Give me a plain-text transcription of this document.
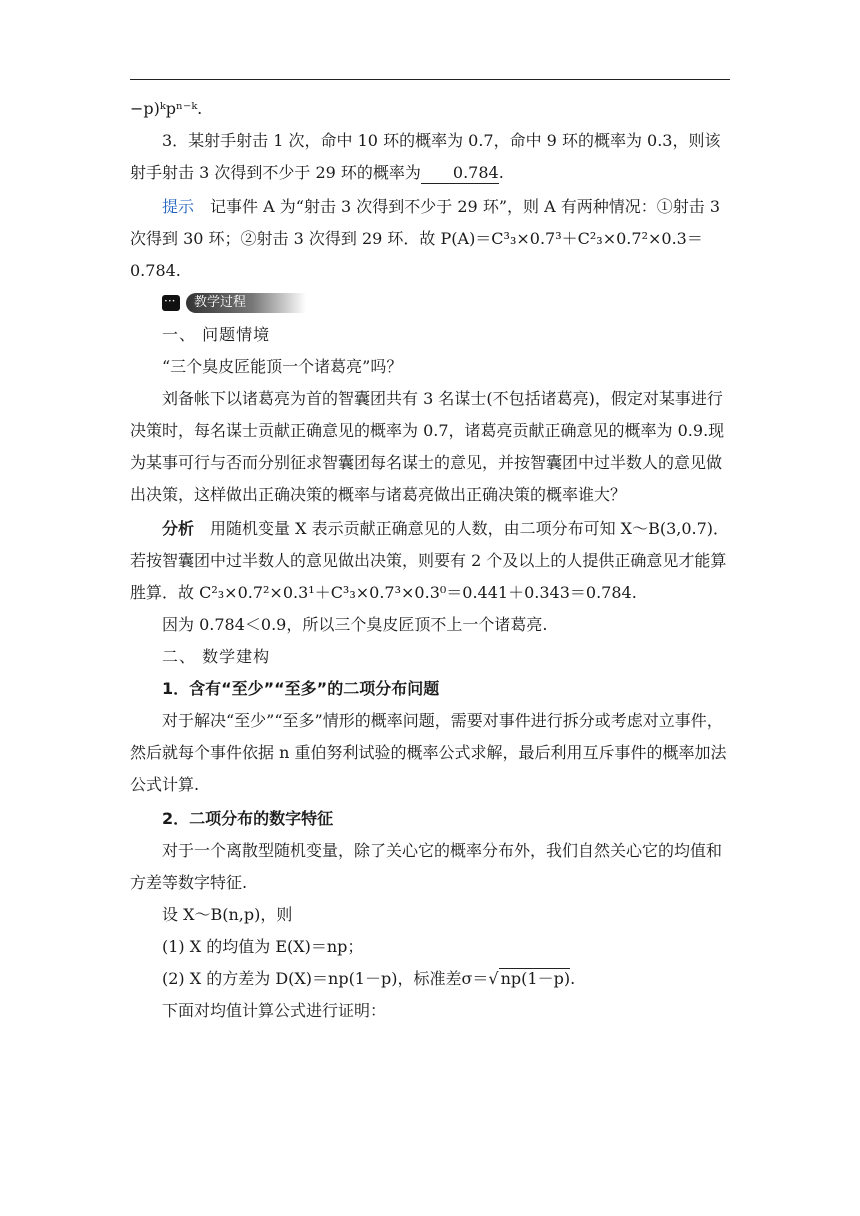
−p)ᵏpⁿ⁻ᵏ.

3．某射手射击 1 次，命中 10 环的概率为 0.7，命中 9 环的概率为 0.3，则该射手射击 3 次得到不少于 29 环的概率为 0.784.

提示　 记事件 A 为“射击 3 次得到不少于 29 环”，则 A 有两种情况：①射击 3 次得到 30 环；②射击 3 次得到 29 环．故 P(A)＝C³₃×0.7³＋C²₃×0.7²×0.3＝0.784.

···
教学过程

一、 问题情境

“三个臭皮匠能顶一个诸葛亮”吗？

刘备帐下以诸葛亮为首的智囊团共有 3 名谋士(不包括诸葛亮)，假定对某事进行决策时，每名谋士贡献正确意见的概率为 0.7，诸葛亮贡献正确意见的概率为 0.9.现为某事可行与否而分别征求智囊团每名谋士的意见，并按智囊团中过半数人的意见做出决策，这样做出正确决策的概率与诸葛亮做出正确决策的概率谁大？

分析　 用随机变量 X 表示贡献正确意见的人数，由二项分布可知 X～B(3,0.7)．若按智囊团中过半数人的意见做出决策，则要有 2 个及以上的人提供正确意见才能算胜算．故 C²₃×0.7²×0.3¹＋C³₃×0.7³×0.3⁰＝0.441＋0.343＝0.784.

因为 0.784＜0.9，所以三个臭皮匠顶不上一个诸葛亮.

二、 数学建构

1．含有“至少”“至多”的二项分布问题

对于解决“至少”“至多”情形的概率问题，需要对事件进行拆分或考虑对立事件，然后就每个事件依据 n 重伯努利试验的概率公式求解，最后利用互斥事件的概率加法公式计算.

2．二项分布的数字特征

对于一个离散型随机变量，除了关心它的概率分布外，我们自然关心它的均值和方差等数字特征.

设 X～B(n,p)，则

(1) X 的均值为 E(X)＝np；

(2) X 的方差为 D(X)＝np(1－p)，标准差σ＝√ np(1－p).

下面对均值计算公式进行证明：
